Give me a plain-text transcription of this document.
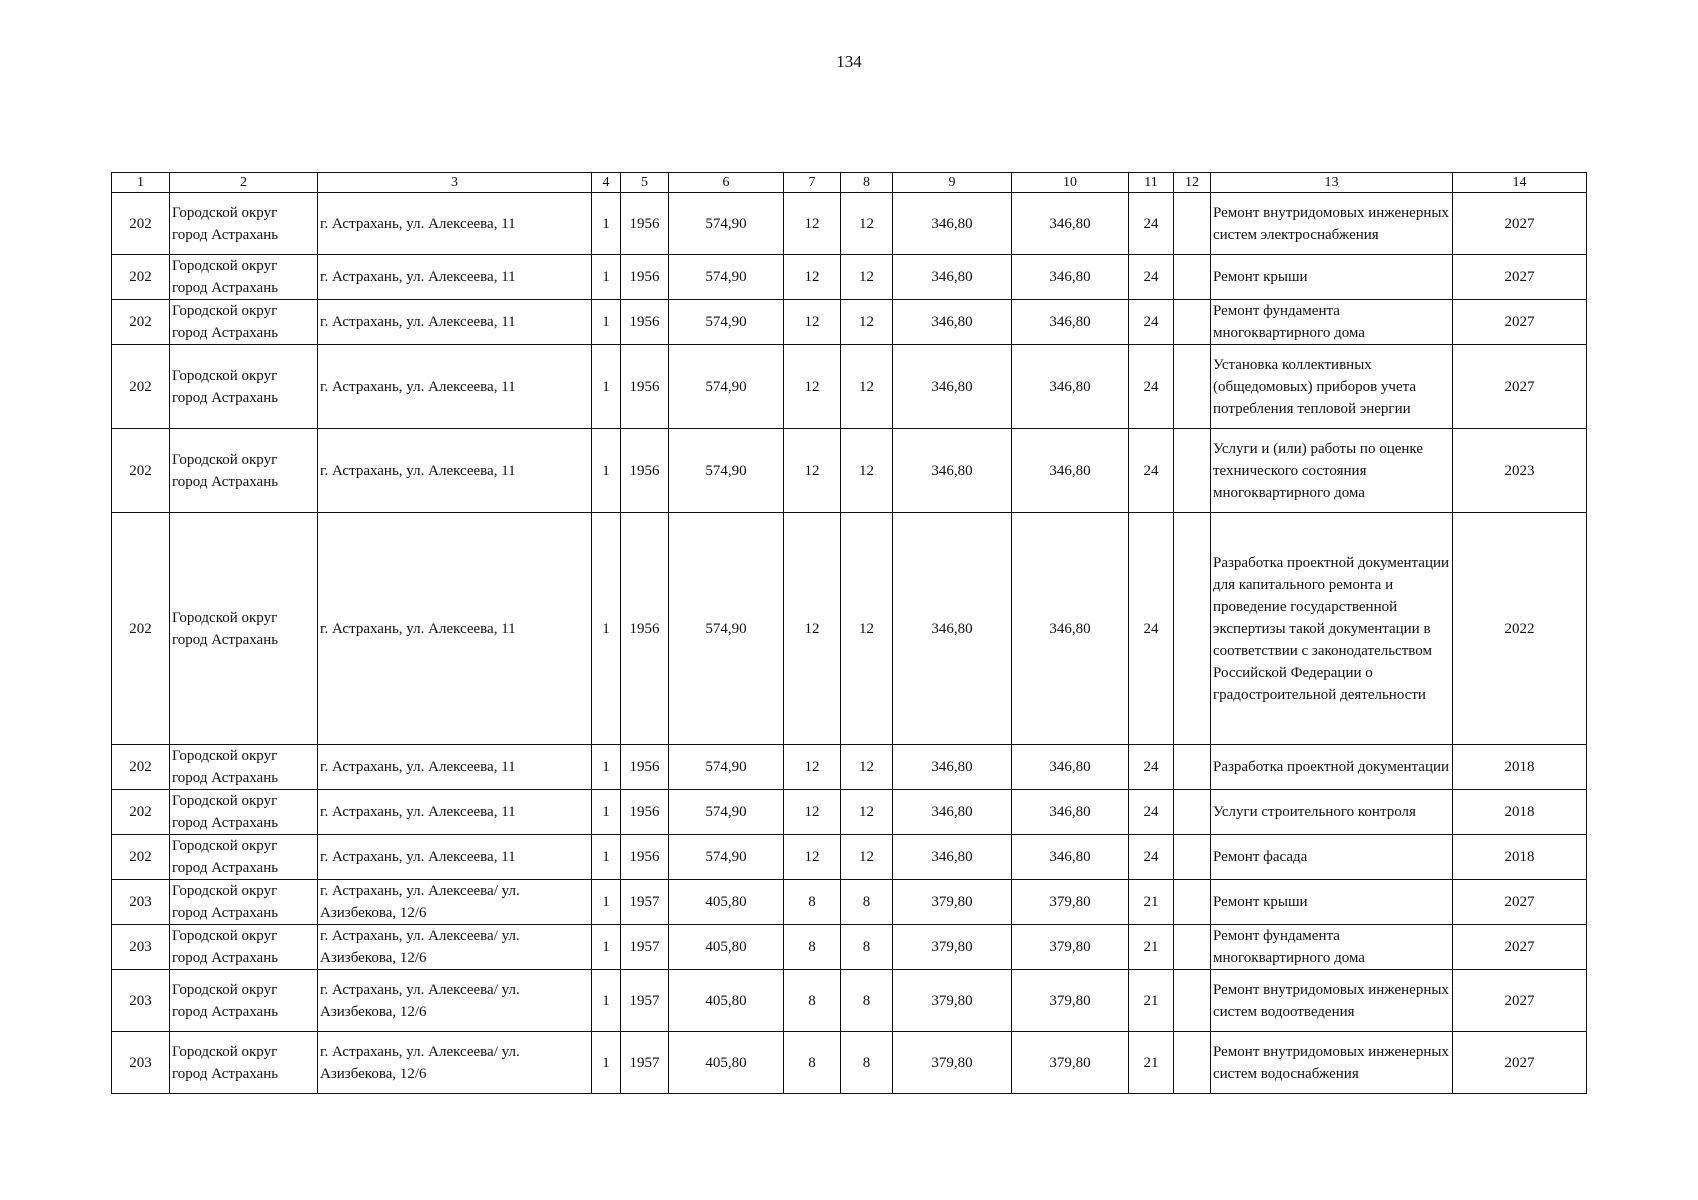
134
1	2	3	4	5	6	7	8	9	10	11	12	13	14
202	Городской округ город Астрахань	г. Астрахань, ул. Алексеева, 11	1	1956	574,90	12	12	346,80	346,80	24		Ремонт внутридомовых инженерных систем электроснабжения	2027
202	Городской округ город Астрахань	г. Астрахань, ул. Алексеева, 11	1	1956	574,90	12	12	346,80	346,80	24		Ремонт крыши	2027
202	Городской округ город Астрахань	г. Астрахань, ул. Алексеева, 11	1	1956	574,90	12	12	346,80	346,80	24		Ремонт фундамента многоквартирного дома	2027
202	Городской округ город Астрахань	г. Астрахань, ул. Алексеева, 11	1	1956	574,90	12	12	346,80	346,80	24		Установка коллективных (общедомовых) приборов учета потребления тепловой энергии	2027
202	Городской округ город Астрахань	г. Астрахань, ул. Алексеева, 11	1	1956	574,90	12	12	346,80	346,80	24		Услуги и (или) работы по оценке технического состояния многоквартирного дома	2023
202	Городской округ город Астрахань	г. Астрахань, ул. Алексеева, 11	1	1956	574,90	12	12	346,80	346,80	24		Разработка проектной документации для капитального ремонта и проведение государственной экспертизы такой документации в соответствии с законодательством Российской Федерации о градостроительной деятельности	2022
202	Городской округ город Астрахань	г. Астрахань, ул. Алексеева, 11	1	1956	574,90	12	12	346,80	346,80	24		Разработка проектной документации	2018
202	Городской округ город Астрахань	г. Астрахань, ул. Алексеева, 11	1	1956	574,90	12	12	346,80	346,80	24		Услуги строительного контроля	2018
202	Городской округ город Астрахань	г. Астрахань, ул. Алексеева, 11	1	1956	574,90	12	12	346,80	346,80	24		Ремонт фасада	2018
203	Городской округ город Астрахань	г. Астрахань, ул. Алексеева/ ул. Азизбекова, 12/6	1	1957	405,80	8	8	379,80	379,80	21		Ремонт крыши	2027
203	Городской округ город Астрахань	г. Астрахань, ул. Алексеева/ ул. Азизбекова, 12/6	1	1957	405,80	8	8	379,80	379,80	21		Ремонт фундамента многоквартирного дома	2027
203	Городской округ город Астрахань	г. Астрахань, ул. Алексеева/ ул. Азизбекова, 12/6	1	1957	405,80	8	8	379,80	379,80	21		Ремонт внутридомовых инженерных систем водоотведения	2027
203	Городской округ город Астрахань	г. Астрахань, ул. Алексеева/ ул. Азизбекова, 12/6	1	1957	405,80	8	8	379,80	379,80	21		Ремонт внутридомовых инженерных систем водоснабжения	2027
